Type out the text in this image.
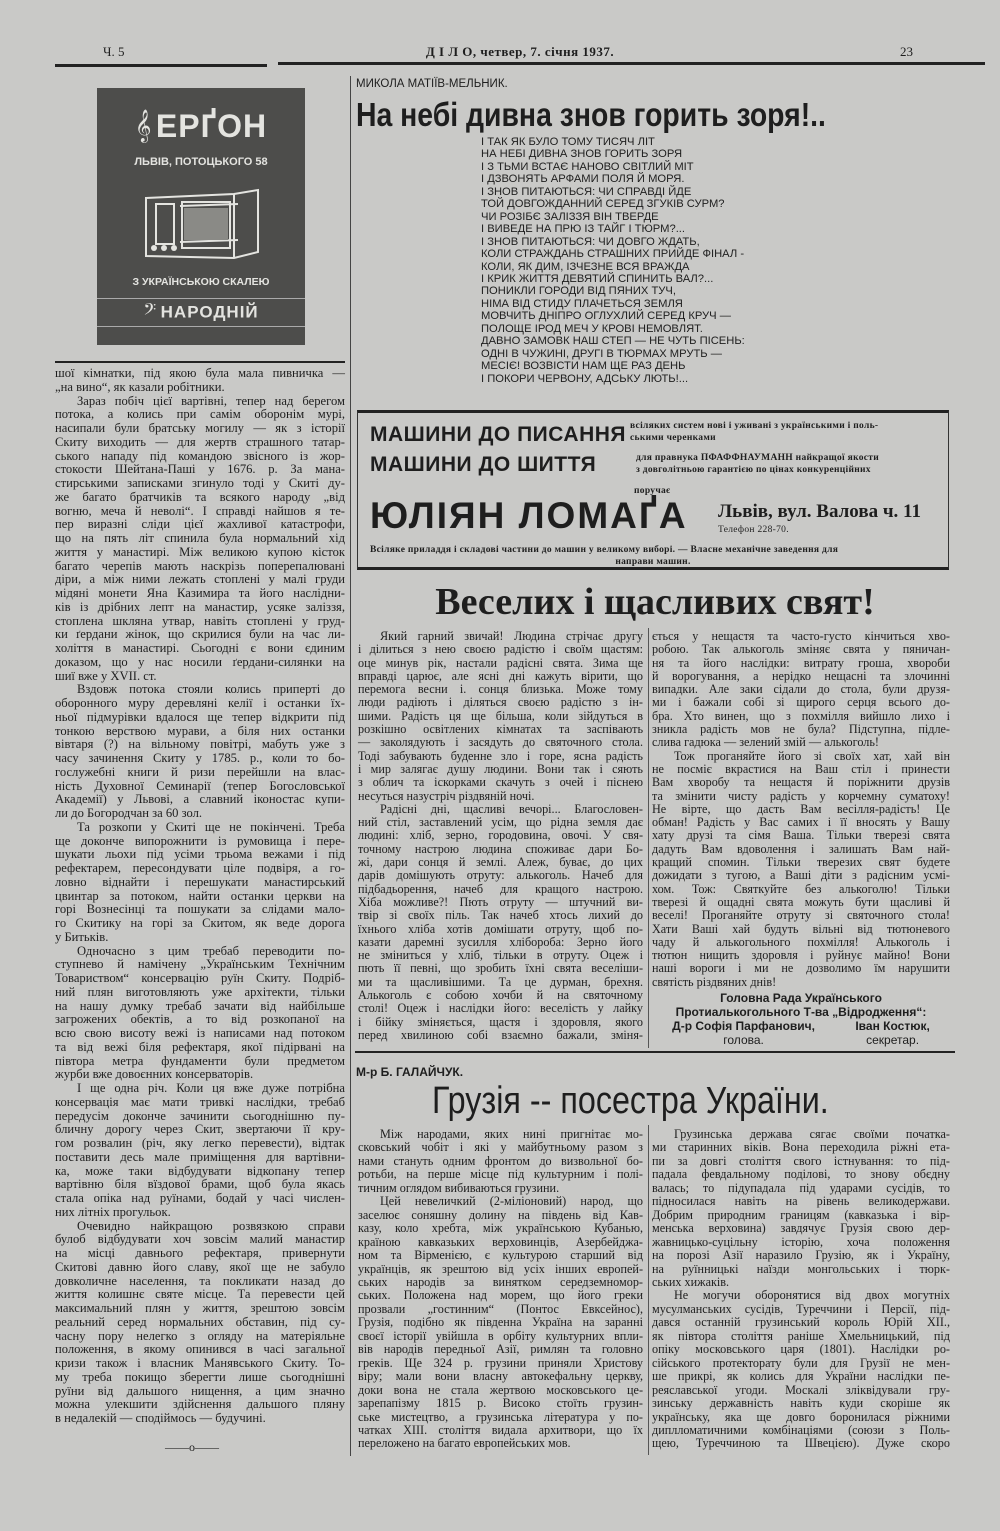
Ч. 5	Д І Л О, четвер, 7. січня 1937.	23
𝄞 ЕРҐОН
ЛЬВІВ, ПОТОЦЬКОГО 58
З УКРАЇНСЬКОЮ СКАЛЕЮ
𝄢 НАРОДНІЙ
шої кімнатки, під якою була мала пивничка —
„на вино“, як казали робітники.
Зараз побіч цієї вартівні, тепер над берегом
потока, а колись при самім оборонім мурі,
насипали були братську могилу — як з історії
Скиту виходить — для жертв страшного татар-
ського нападу під командою звісного із жор-
стокости Шейтана-Паші у 1676. р. За мана-
стирськими записками згинуло тоді у Скиті ду-
же багато братчиків та всякого народу „від
вогню, меча й неволі“. І справді найшов я те-
пер виразні сліди цієї жахливої катастрофи,
що на пять літ спинила була нормальний хід
життя у манастирі. Між великою купою кісток
багато черепів мають наскрізь поперепалювані
діри, а між ними лежать стоплені у малі груди
мідяні монети Яна Казимира та його наслідни-
ків із дрібних лепт на манастир, усяке заліззя,
стоплена шкляна утвар, навіть стоплені у груд-
ки ґердани жінок, що скрилися були на час ли-
холіття в манастирі. Сьогодні є вони єдиним
доказом, що у нас носили ґердани-силянки на
шиї вже у XVII. ст.
Вздовж потока стояли колись приперті до
оборонного муру деревляні келії і останки їх-
ньої підмурівки вдалося ще тепер відкрити під
тонкою верствою мурави, а біля них останки
вівтаря (?) на вільному повітрі, мабуть уже з
часу зачинення Скиту у 1785. р., коли то бо-
гослужебні книги й ризи перейшли на влас-
ність Духовної Семинарії (тепер Богословської
Академії) у Львові, а славний іконостас купи-
ли до Богородчан за 60 зол.
Та розкопи у Скиті ще не покінчені. Треба
ще доконче випорожнити із румовища і пере-
шукати льохи під усіми трьома вежами і під
рефектарем, пересондувати ціле подвіря, а го-
ловно віднайти і перешукати манастирський
цвинтар за потоком, найти останки церкви на
горі Вознесінці та пошукати за слідами мало-
го Скитику на горі за Скитом, як веде дорога
у Битьків.
Одночасно з цим требаб переводити по-
ступнево й намічену „Українським Технічним
Товариством“ консервацію руїн Скиту. Подріб-
ний плян виготовляють уже архітекти, тільки
на нашу думку требаб зачати від найбільше
загрожених обектів, а то від розкопаної на
всю свою висоту вежі із написами над потоком
та від вежі біля рефектаря, якої підірвані на
півтора метра фундаменти були предметом
журби вже довоєнних консерваторів.
І ще одна річ. Коли ця вже дуже потрібна
консервація має мати тривкі наслідки, требаб
передусім доконче зачинити сьогоднішню пу-
бличну дорогу через Скит, звертаючи її кру-
гом розвалин (річ, яку легко перевести), відтак
поставити десь мале приміщення для вартівни-
ка, може таки відбудувати відкопану тепер
вартівню біля вїздової брами, щоб була якась
стала опіка над руїнами, бодай у часі числен-
них літніх прогульок.
Очевидно найкращою розвязкою справи
булоб відбудувати хоч зовсім малий манастир
на місці давнього рефектаря, привернути
Скитові давню його славу, якої ще не забуло
довколичне населення, та покликати назад до
життя колишнє святе місце. Та перевести цей
максимальний плян у життя, зрештою зовсім
реальний серед нормальних обставин, під су-
часну пору нелегко з огляду на матеріяльне
положення, в якому опинився в часі загальної
кризи також і власник Манявського Скиту. То-
му треба покищо зберегти лише сьогоднішні
руїни від дальшого нищення, а цим значно
можна улекшити здійснення дальшого пляну
в недалекій — сподіймось — будучині.
——o——
МИКОЛА МАТІЇВ-МЕЛЬНИК.
На небі дивна знов горить зоря!..
І ТАК ЯК БУЛО ТОМУ ТИСЯЧ ЛІТ
НА НЕБІ ДИВНА ЗНОВ ГОРИТЬ ЗОРЯ
І З ТЬМИ ВСТАЄ НАНОВО СВІТЛИЙ МІТ
І ДЗВОНЯТЬ АРФАМИ ПОЛЯ Й МОРЯ.
І ЗНОВ ПИТАЮТЬСЯ: ЧИ СПРАВДІ ЙДЕ
ТОЙ ДОВГОЖДАННИЙ СЕРЕД ЗГУКІВ СУРМ?
ЧИ РОЗІБЄ ЗАЛІЗЗЯ ВІН ТВЕРДЕ
І ВИВЕДЕ НА ПРЮ ІЗ ТАЙГ І ТЮРМ?...
І ЗНОВ ПИТАЮТЬСЯ: ЧИ ДОВГО ЖДАТЬ,
КОЛИ СТРАЖДАНЬ СТРАШНИХ ПРИЙДЕ ФІНАЛ -
КОЛИ, ЯК ДИМ, ІЗЧЕЗНЕ ВСЯ ВРАЖДА
І КРИК ЖИТТЯ ДЕВЯТИЙ СПИНИТЬ ВАЛ?...
ПОНИКЛИ ГОРОДИ ВІД ПЯНИХ ТУЧ,
НІМА ВІД СТИДУ ПЛАЧЕТЬСЯ ЗЕМЛЯ
МОВЧИТЬ ДНІПРО ОГЛУХЛИЙ СЕРЕД КРУЧ —
ПОЛОЩЕ ІРОД МЕЧ У КРОВІ НЕМОВЛЯТ.
ДАВНО ЗАМОВК НАШ СТЕП — НЕ ЧУТЬ ПІСЕНЬ:
ОДНІ В ЧУЖИНІ, ДРУГІ В ТЮРМАХ МРУТЬ —
МЕСІЄ! ВОЗВІСТИ НАМ ЩЕ РАЗ ДЕНЬ
І ПОКОРИ ЧЕРВОНУ, АДСЬКУ ЛЮТЬ!...
МАШИНИ ДО ПИСАННЯ всіляких систем нові і уживані з українськими і поль-
ськими черенками
МАШИНИ ДО ШИТТЯ	для правнука ПФАФФНАУМАНН найкращої якости
з довголітньою гарантією по цінах конкуренційних
поручає
ЮЛІЯН ЛОМАҐА Львів, вул. Валова ч. 11
Телефон 228-70.
Всіляке приладдя і складові частини до машин у великому виборі. — Власне механічне заведення для
направи машин.
Веселих і щасливих свят!
Який гарний звичай! Людина стрічає другу
і ділиться з нею своєю радістю і своїм щастям:
оце минув рік, настали радісні свята. Зима ще
вправді царює, але ясні дні кажуть вірити, що
перемога весни і. сонця близька. Може тому
люди радіють і діляться своєю радістю з ін-
шими. Радість ця ще більша, коли зійдуться в
розкішно освітлених кімнатах та заспівають
— заколядують і засядуть до святочного стола.
Тоді забувають буденне зло і горе, ясна радість
і мир залягає душу людини. Вони так і сяють
з облич та іскорками скачуть з очей і піснею
несуться назустріч різдвяній ночі.
Радісні дні, щасливі вечорі... Благословен-
ний стіл, заставлений усім, що рідна земля дає
людині: хліб, зерно, городовина, овочі. У свя-
точному настрою людина споживає дари Бо-
жі, дари сонця й землі. Алеж, буває, до цих
дарів домішують отруту: алькоголь. Начеб для
підбадьорення, начеб для кращого настрою.
Хіба можливе?! Пють отруту — штучний ви-
твір зі своїх піль. Так начеб хтось лихий до
їхнього хліба хотів домішати отруту, щоб по-
казати даремні зусилля хлібороба: Зерно його
не зміниться у хліб, тільки в отруту. Оцеж і
пють її певні, що зробить їхні свята веселіши-
ми та щасливішими. Та це дурман, брехня.
Алькоголь є собою хочби й на святочному
столі! Оцеж і наслідки його: веселість у лайку
і бійку зміняється, щастя і здоровля, якого
перед хвилиною собі взаємно бажали, зміня-
ється у нещастя та часто-густо кінчиться хво-
робою. Так алькоголь зміняє свята у пяничан-
ня та його наслідки: витрату гроша, хвороби
й ворогування, а нерідко нещасні та злочинні
випадки. Але заки сідали до стола, були друзя-
ми і бажали собі зі щирого серця всього до-
бра. Хто винен, що з похмілля вийшло лихо і
зникла радість мов не була? Підступна, підле-
слива гадюка — зелений змій — алькоголь!
Тож проганяйте його зі своїх хат, хай він
не посміє вкрастися на Ваш стіл і принести
Вам хворобу та нещастя й поріжнити друзів
та змінити чисту радість у корчемну суматоху!
Не вірте, що дасть Вам весілля-радість! Це
обман! Радість у Вас самих і її вносять у Вашу
хату друзі та сімя Ваша. Тільки тверезі свята
дадуть Вам вдоволення і залишать Вам най-
кращий спомин. Тільки тверезих свят будете
дожидати з тугою, а Ваші діти з радісним усмі-
хом. Тож: Святкуйте без алькоголю! Тільки
тверезі й ощадні свята можуть бути щасливі й
веселі! Проганяйте отруту зі святочного стола!
Хати Ваші хай будуть вільні від тютюневого
чаду й алькогольного похмілля! Алькоголь і
тютюн нищить здоровля і руйнує майно! Вони
наші вороги і ми не дозволимо їм нарушити
святість різдвяних днів!
Головна Рада Українського
Протиалькогольного Т-ва „Відродження“:
Д-р Софія Парфанович,
голова.
Іван Костюк,
секретар.
М-р Б. ГАЛАЙЧУК.
Грузія -- посестра України.
Між народами, яких нині пригнітає мо-
сковський чобіт і які у майбутньому разом з
нами стануть одним фронтом до визвольної бо-
ротьби, на перше місце під культурним і полі-
тичним оглядом вибиваються грузини.
Цей невеличкий (2-міліоновий) народ, що
заселює соняшну долину на південь від Кав-
казу, коло хребта, між українською Кубанью,
країною кавказьких верховинців, Азербейджа-
ном та Вірменією, є культурою старший від
українців, як зрештою від усіх інших европей-
ських народів за винятком середземномор-
ських. Положена над морем, що його греки
прозвали „гостинним“ (Понтос Евксейнос),
Грузія, подібно як південна Україна на заранні
своєї історії увійшла в орбіту культурних впли-
вів народів передньої Азії, римлян та головно
греків. Ще 324 р. грузини приняли Христову
віру; мали вони власну автокефальну церкву,
доки вона не стала жертвою московського це-
зарепапізму 1815 р. Високо стоїть грузин-
ське мистецтво, а грузинська література у по-
чатках XIII. століття видала архитвори, що їх
переложено на багато европейських мов.
Грузинська держава сягає своїми початка-
ми старинних віків. Вона переходила ріжні ета-
пи за довгі століття свого істнування: то під-
падала февдальному поділові, то знову обєдну
валась; то підупадала під ударами сусідів, то
підносилася навіть на рівень великодержави.
Добрим природним границям (кавказька і вір-
менська верховина) завдячує Грузія свою дер-
жавницько-суцільну історію, хоча положення
на порозі Азії наразило Грузію, як і Україну,
на руїнницькі наїзди монгольських і тюрк-
ських хижаків.
Не могучи оборонятися від двох могутніх
мусулманських сусідів, Туреччини і Персії, під-
дався останній грузинський король Юрій XII.,
як півтора століття раніше Хмельницький, під
опіку московського царя (1801). Наслідки ро-
сійського протекторату були для Грузії не мен-
ше прикрі, як колись для України наслідки пе-
реяславської угоди. Москалі зліквідували гру-
зинську державність навіть куди скоріше як
українську, яка ще довго боронилася ріжними
диплломатичними комбінаціями (союзи з Поль-
щею, Туреччиною та Швецією). Дуже скоро
